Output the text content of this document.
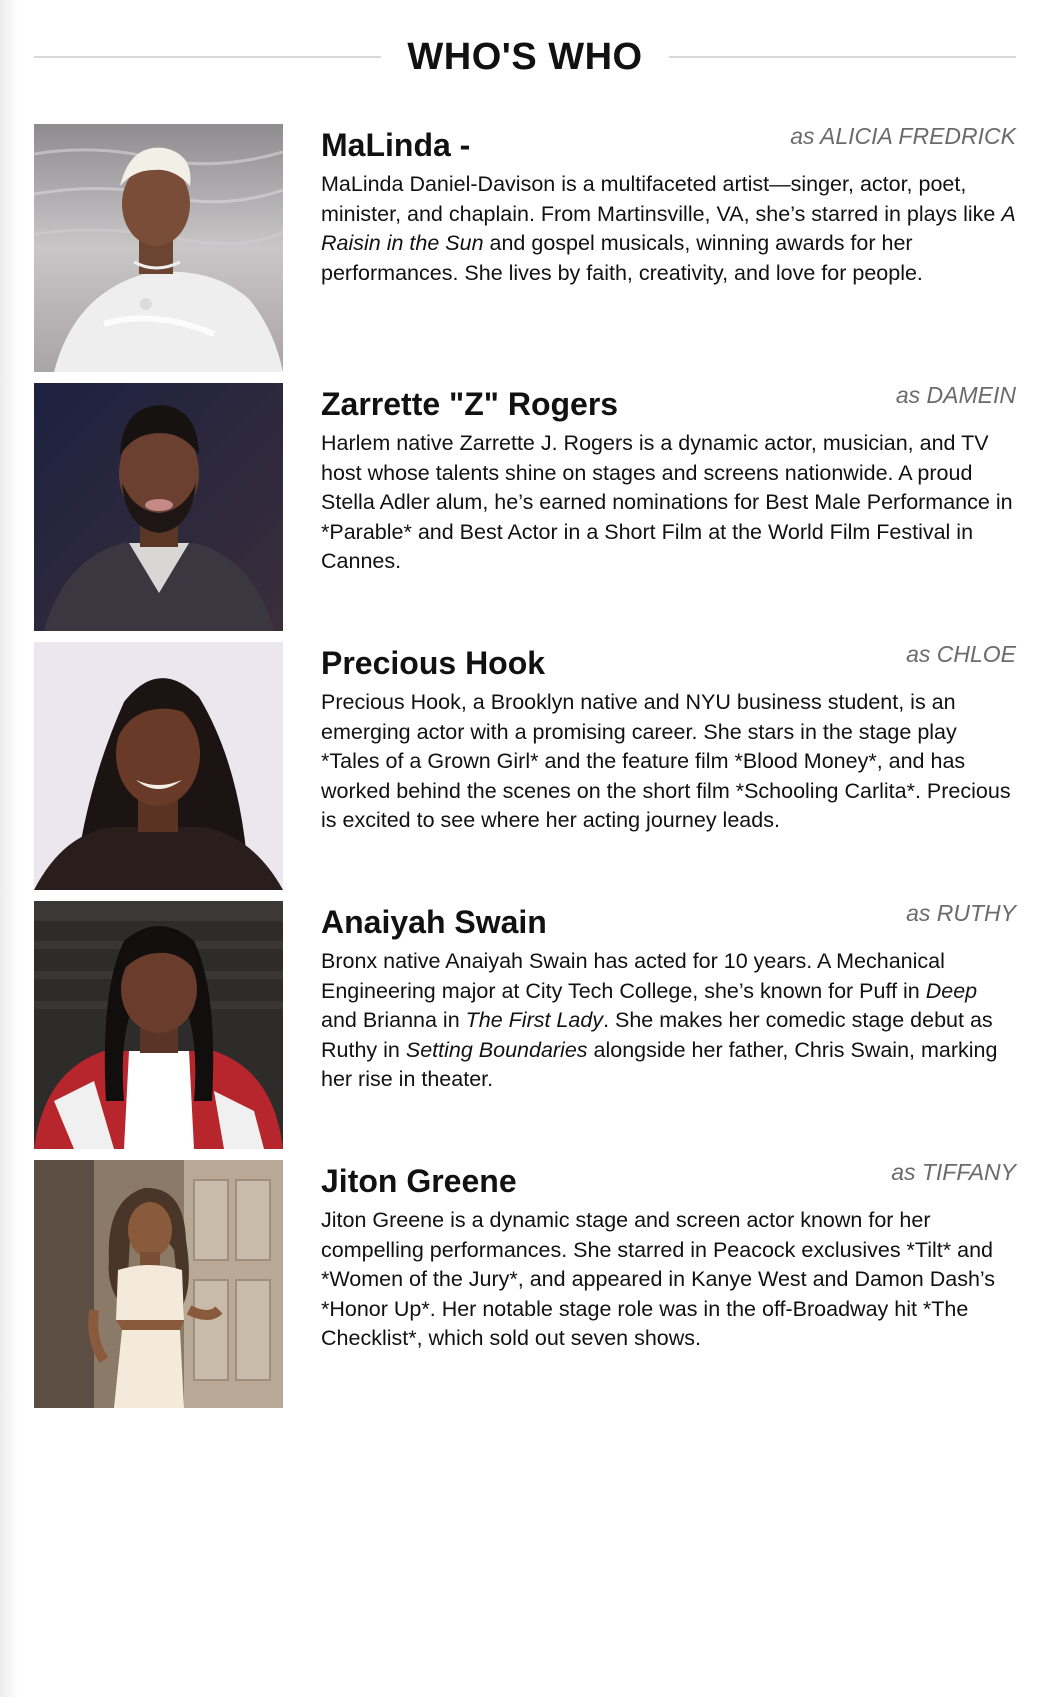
WHO'S WHO
MaLinda -	as ALICIA FREDRICK
MaLinda Daniel-Davison is a multifaceted artist—singer, actor, poet, minister, and chaplain. From Martinsville, VA, she’s starred in plays like A Raisin in the Sun and gospel musicals, winning awards for her performances. She lives by faith, creativity, and love for people.
Zarrette "Z" Rogers	as DAMEIN
Harlem native Zarrette J. Rogers is a dynamic actor, musician, and TV host whose talents shine on stages and screens nationwide. A proud Stella Adler alum, he’s earned nominations for Best Male Performance in *Parable* and Best Actor in a Short Film at the World Film Festival in Cannes.
Precious Hook	as CHLOE
Precious Hook, a Brooklyn native and NYU business student, is an emerging actor with a promising career. She stars in the stage play *Tales of a Grown Girl* and the feature film *Blood Money*, and has worked behind the scenes on the short film *Schooling Carlita*. Precious is excited to see where her acting journey leads.
Anaiyah Swain	as RUTHY
Bronx native Anaiyah Swain has acted for 10 years. A Mechanical Engineering major at City Tech College, she’s known for Puff in Deep and Brianna in The First Lady. She makes her comedic stage debut as Ruthy in Setting Boundaries alongside her father, Chris Swain, marking her rise in theater.
Jiton Greene	as TIFFANY
Jiton Greene is a dynamic stage and screen actor known for her compelling performances. She starred in Peacock exclusives *Tilt* and *Women of the Jury*, and appeared in Kanye West and Damon Dash’s *Honor Up*. Her notable stage role was in the off-Broadway hit *The Checklist*, which sold out seven shows.
